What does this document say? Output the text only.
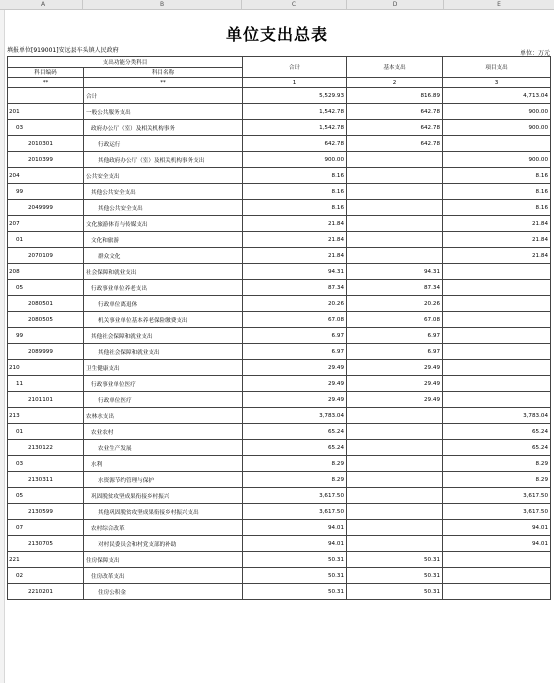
A	B	C	D	E
单位支出总表
填报单位[919001]安远县车头镇人民政府	单位：万元
支出功能分类科目		合计	基本支出	项目支出
科目编码	科目名称			
**	**	1	2	3
	合计	5,529.93	816.89	4,713.04
201	一般公共服务支出	1,542.78	642.78	900.00
03	政府办公厅（室）及相关机构事务	1,542.78	642.78	900.00
2010301	行政运行	642.78	642.78	
2010399	其他政府办公厅（室）及相关机构事务支出	900.00		900.00
204	公共安全支出	8.16		8.16
99	其他公共安全支出	8.16		8.16
2049999	其他公共安全支出	8.16		8.16
207	文化旅游体育与传媒支出	21.84		21.84
01	文化和旅游	21.84		21.84
2070109	群众文化	21.84		21.84
208	社会保障和就业支出	94.31	94.31	
05	行政事业单位养老支出	87.34	87.34	
2080501	行政单位离退休	20.26	20.26	
2080505	机关事业单位基本养老保险缴费支出	67.08	67.08	
99	其他社会保障和就业支出	6.97	6.97	
2089999	其他社会保障和就业支出	6.97	6.97	
210	卫生健康支出	29.49	29.49	
11	行政事业单位医疗	29.49	29.49	
2101101	行政单位医疗	29.49	29.49	
213	农林水支出	3,783.04		3,783.04
01	农业农村	65.24		65.24
2130122	农业生产发展	65.24		65.24
03	水利	8.29		8.29
2130311	水资源节约管理与保护	8.29		8.29
05	巩固脱贫攻坚成果衔接乡村振兴	3,617.50		3,617.50
2130599	其他巩固脱贫攻坚成果衔接乡村振兴支出	3,617.50		3,617.50
07	农村综合改革	94.01		94.01
2130705	对村民委员会和村党支部的补助	94.01		94.01
221	住房保障支出	50.31	50.31	
02	住房改革支出	50.31	50.31	
2210201	住房公积金	50.31	50.31	
